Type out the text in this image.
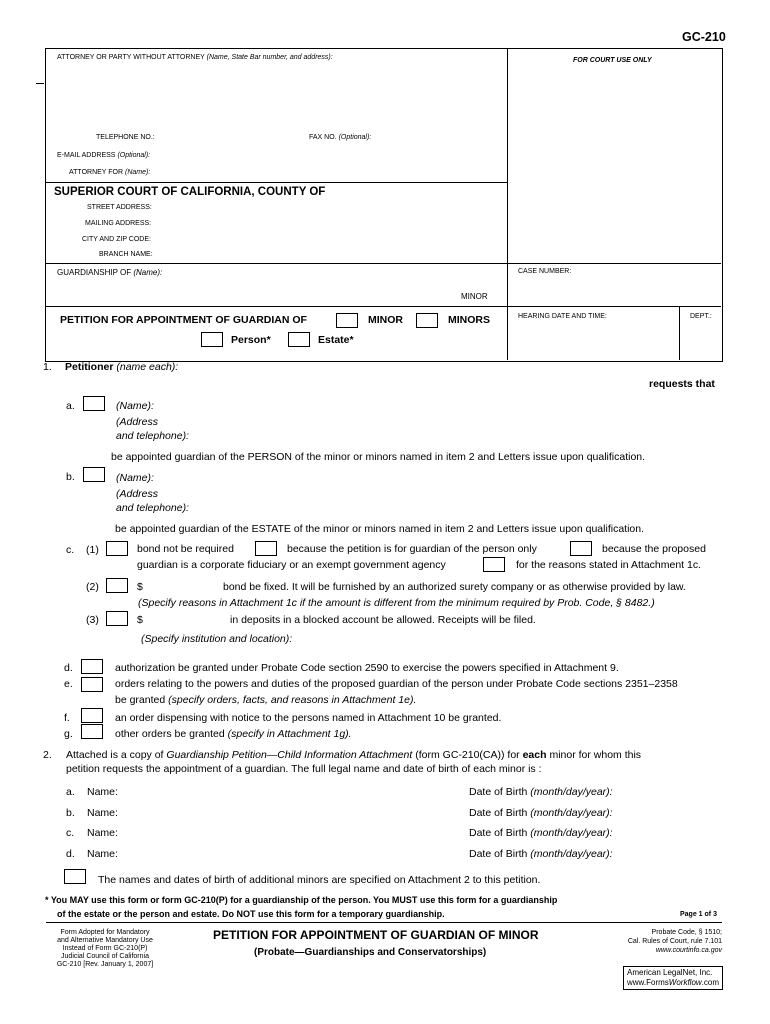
GC-210
ATTORNEY OR PARTY WITHOUT ATTORNEY (Name, State Bar number, and address):	FOR COURT USE ONLY
TELEPHONE NO.:	FAX NO. (Optional):
E-MAIL ADDRESS (Optional):
ATTORNEY FOR (Name):
SUPERIOR COURT OF CALIFORNIA, COUNTY OF
STREET ADDRESS:
MAILING ADDRESS:
CITY AND ZIP CODE:
BRANCH NAME:
GUARDIANSHIP OF (Name):
MINOR
CASE NUMBER:
PETITION FOR APPOINTMENT OF GUARDIAN OF	MINOR	MINORS
Person*	Estate*
HEARING DATE AND TIME:	DEPT.:
1. Petitioner (name each):
requests that
a.	(Name):
(Address
and telephone):
be appointed guardian of the PERSON of the minor or minors named in item 2 and Letters issue upon qualification.
b.	(Name):
(Address
and telephone):
be appointed guardian of the ESTATE of the minor or minors named in item 2 and Letters issue upon qualification.
c. (1)	bond not be required	because the petition is for guardian of the person only	because the proposed
guardian is a corporate fiduciary or an exempt government agency	for the reasons stated in Attachment 1c.
(2)	$	bond be fixed. It will be furnished by an authorized surety company or as otherwise provided by law.
(Specify reasons in Attachment 1c if the amount is different from the minimum required by Prob. Code, § 8482.)
(3)	$	in deposits in a blocked account be allowed. Receipts will be filed.
(Specify institution and location):
d.	authorization be granted under Probate Code section 2590 to exercise the powers specified in Attachment 9.
e.	orders relating to the powers and duties of the proposed guardian of the person under Probate Code sections 2351–2358
be granted (specify orders, facts, and reasons in Attachment 1e).
f.	an order dispensing with notice to the persons named in Attachment 10 be granted.
g.	other orders be granted (specify in Attachment 1g).
2. Attached is a copy of Guardianship Petition—Child Information Attachment (form GC-210(CA)) for each minor for whom this
petition requests the appointment of a guardian. The full legal name and date of birth of each minor is :
a. Name:	Date of Birth (month/day/year):
b. Name:	Date of Birth (month/day/year):
c. Name:	Date of Birth (month/day/year):
d. Name:	Date of Birth (month/day/year):
The names and dates of birth of additional minors are specified on Attachment 2 to this petition.
* You MAY use this form or form GC-210(P) for a guardianship of the person. You MUST use this form for a guardianship
of the estate or the person and estate. Do NOT use this form for a temporary guardianship.	Page 1 of 3
Form Adopted for Mandatory
and Alternative Mandatory Use
Instead of Form GC-210(P)
Judicial Council of California
GC-210 [Rev. January 1, 2007]
PETITION FOR APPOINTMENT OF GUARDIAN OF MINOR
(Probate—Guardianships and Conservatorships)
Probate Code, § 1510;
Cal. Rules of Court, rule 7.101
www.courtinfo.ca.gov
American LegalNet, Inc.
www.FormsWorkflow.com
